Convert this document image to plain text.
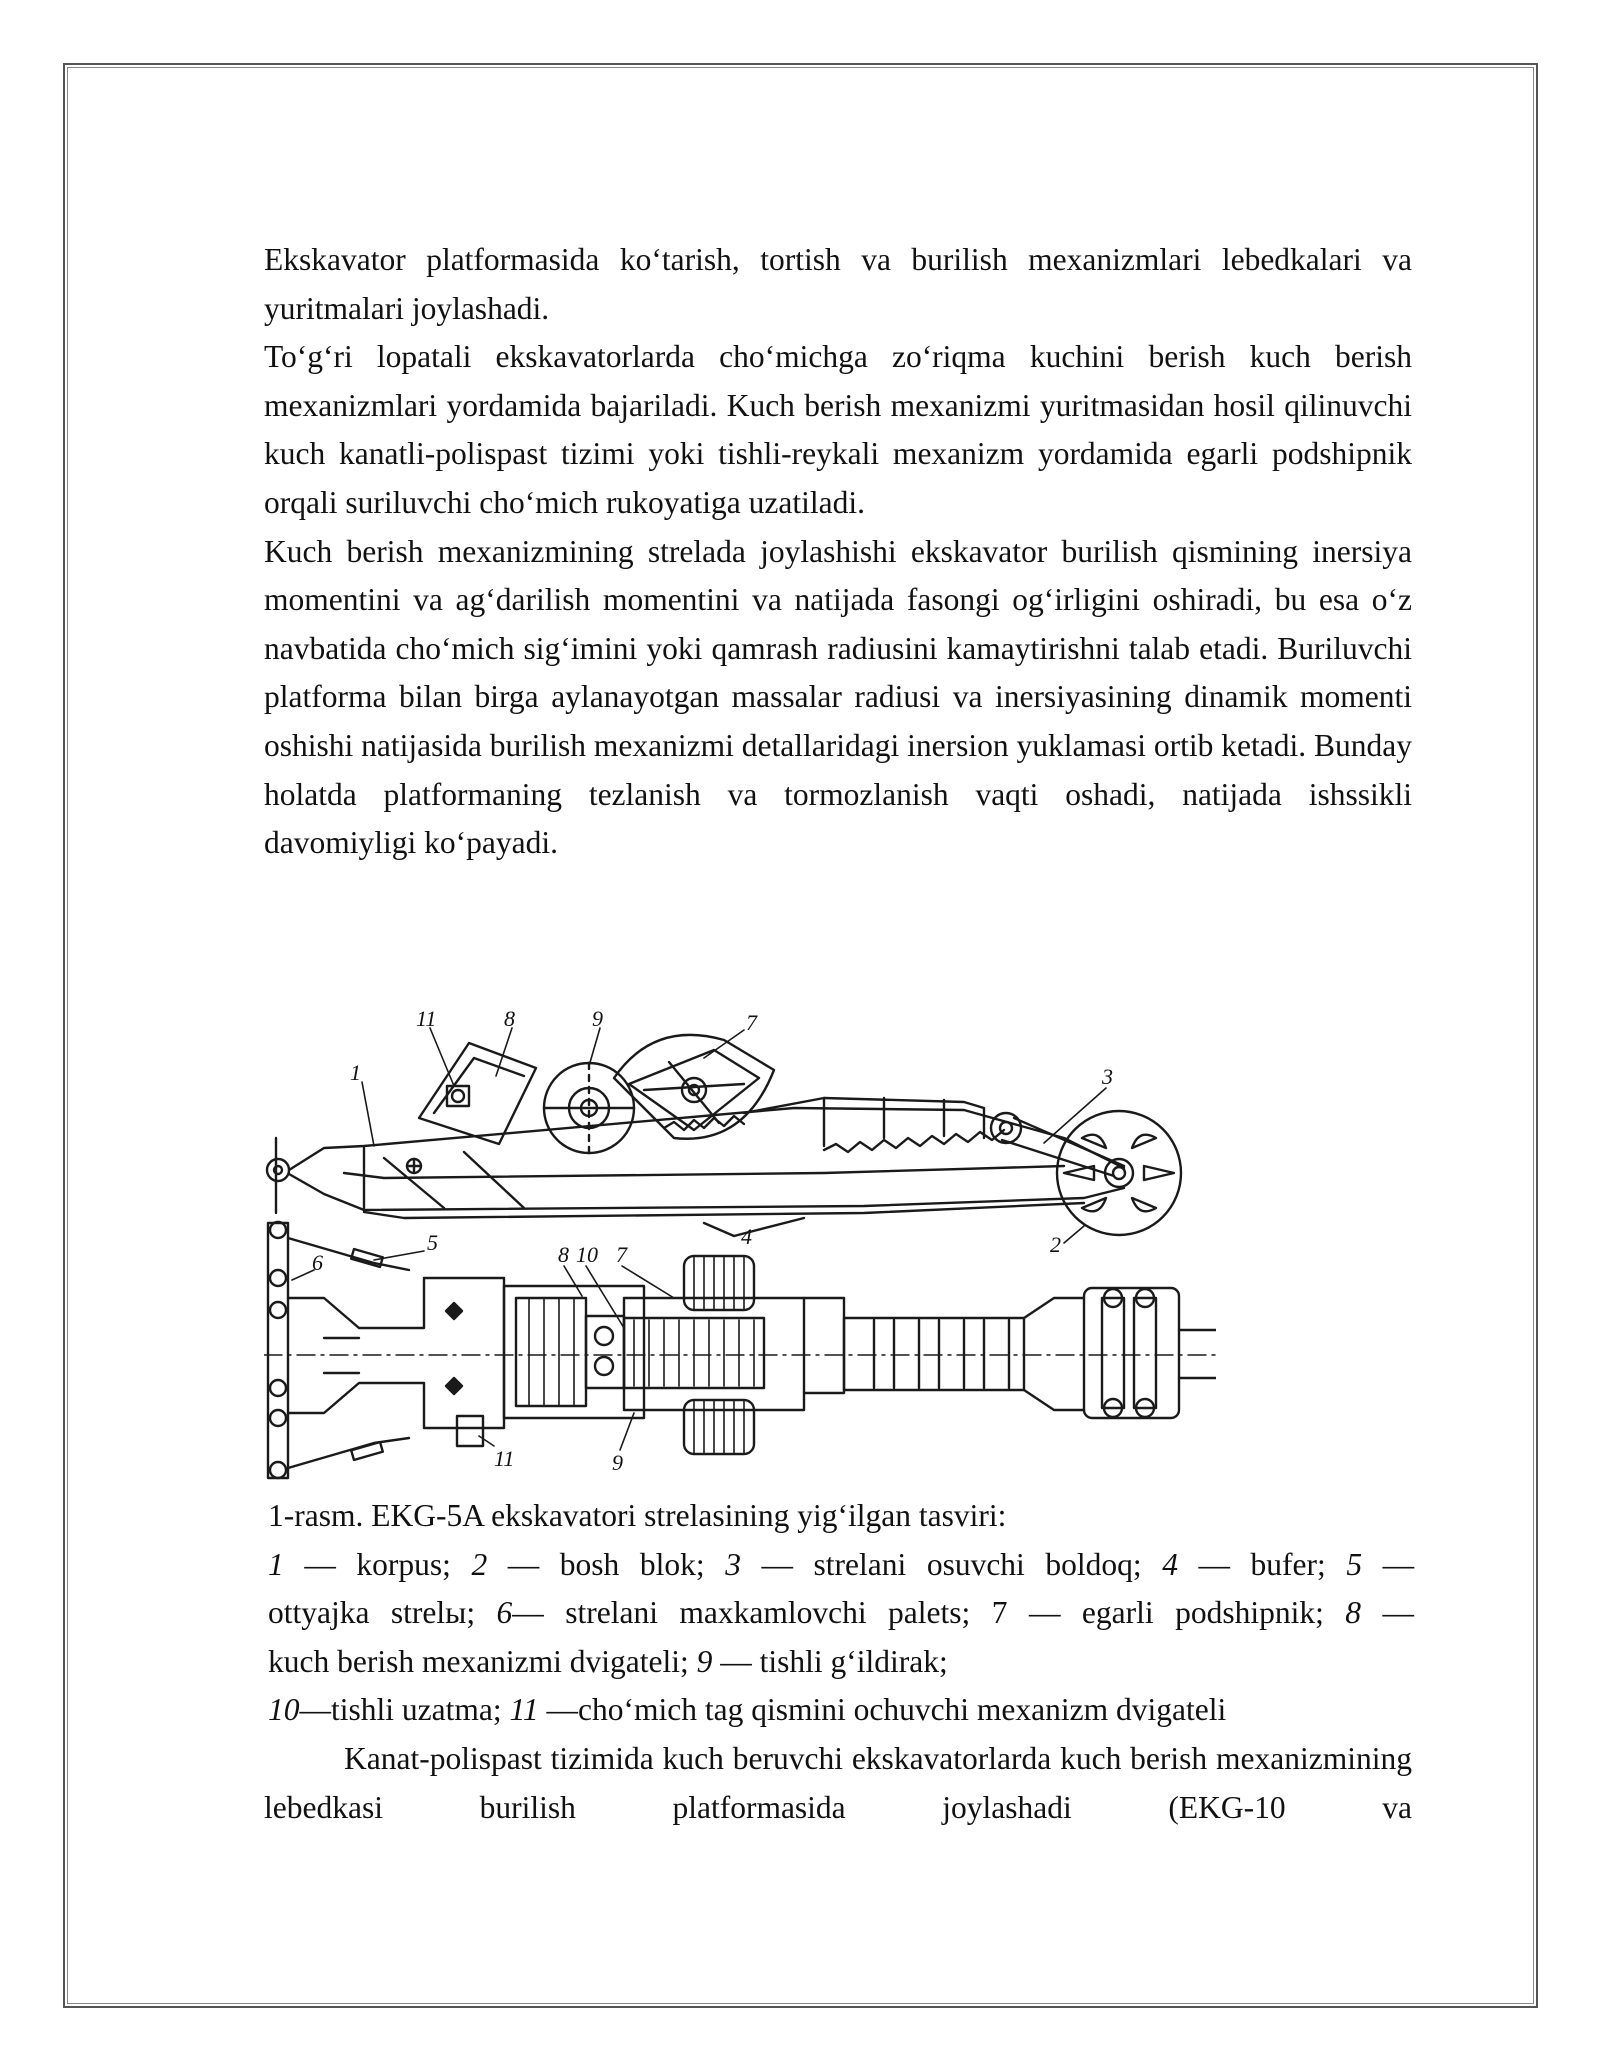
Ekskavator platformasida ko‘tarish, tortish va burilish mexanizmlari lebedkalari va yuritmalari joylashadi.

To‘g‘ri lopatali ekskavatorlarda cho‘michga zo‘riqma kuchini berish kuch berish mexanizmlari yordamida bajariladi. Kuch berish mexanizmi yuritmasidan hosil qilinuvchi kuch kanatli-polispast tizimi yoki tishli-reykali mexanizm yordamida egarli podshipnik orqali suriluvchi cho‘mich rukoyatiga uzatiladi.

Kuch berish mexanizmining strelada joylashishi ekskavator burilish qismining inersiya momentini va ag‘darilish momentini va natijada fasongi og‘irligini oshiradi, bu esa o‘z navbatida cho‘mich sig‘imini yoki qamrash radiusini kamaytirishni talab etadi. Buriluvchi platforma bilan birga aylanayotgan massalar radiusi va inersiyasining dinamik momenti oshishi natijasida burilish mexanizmi detallaridagi inersion yuklamasi ortib ketadi. Bunday holatda platformaning tezlanish va tormozlanish vaqti oshadi, natijada ishssikli davomiyligi ko‘payadi.

11	8	9	7
1	3
2
4
5
6	8 10 7
11	9
1-rasm. EKG-5A ekskavatori strelasining yig‘ilgan tasviri:
1 — korpus; 2 — bosh blok; 3 — strelani osuvchi boldoq; 4 — bufer; 5 —
ottyajka strelы; 6— strelani maxkamlovchi palets; 7 — egarli podshipnik; 8 —
kuch berish mexanizmi dvigateli; 9 — tishli g‘ildirak;
10—tishli uzatma; 11 —cho‘mich tag qismini ochuvchi mexanizm dvigateli

Kanat-polispast tizimida kuch beruvchi ekskavatorlarda kuch berish mexanizmining lebedkasi burilish platformasida joylashadi (EKG-10 va
